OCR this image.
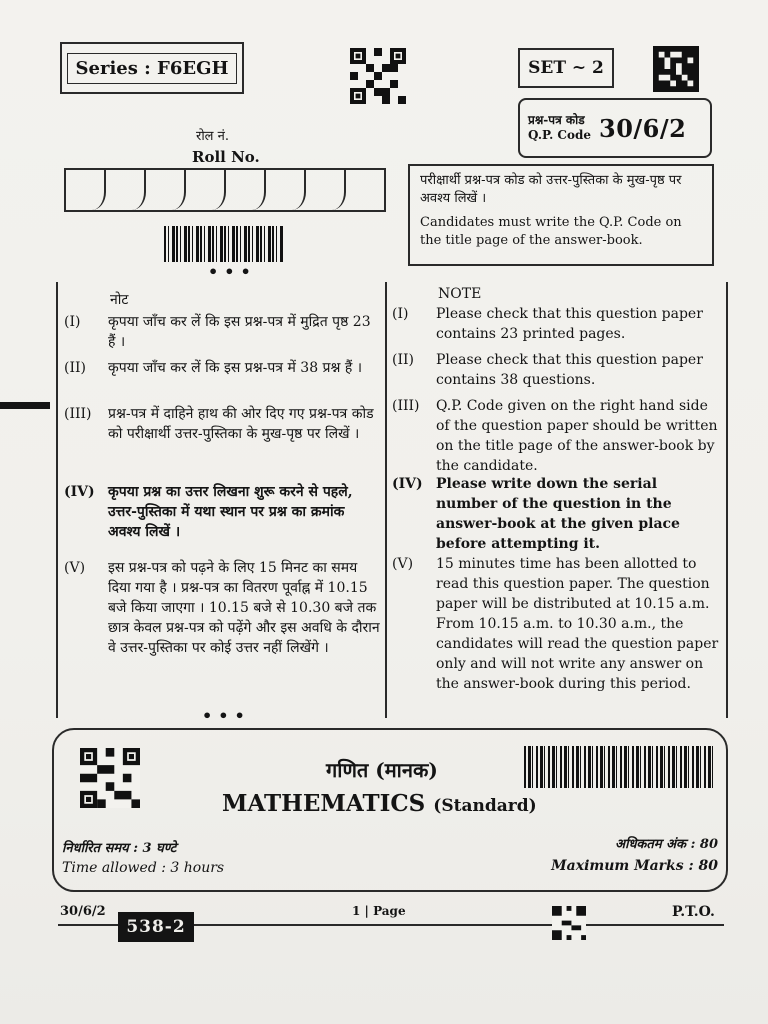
Series : F6EGH	SET ~ 2
प्रश्न-पत्र कोड
Q.P. Code 30/6/2
रोल नं.
Roll No.
•••
परीक्षार्थी प्रश्न-पत्र कोड को उत्तर-पुस्तिका के मुख-पृष्ठ पर अवश्य लिखें ।
Candidates must write the Q.P. Code on the title page of the answer-book.
नोट	NOTE
(I)	कृपया जाँच कर लें कि इस प्रश्न-पत्र में मुद्रित पृष्ठ 23 हैं ।
(II)	कृपया जाँच कर लें कि इस प्रश्न-पत्र में 38 प्रश्न हैं ।
(III)	प्रश्न-पत्र में दाहिने हाथ की ओर दिए गए प्रश्न-पत्र कोड को परीक्षार्थी उत्तर-पुस्तिका के मुख-पृष्ठ पर लिखें ।
(IV) कृपया प्रश्न का उत्तर लिखना शुरू करने से पहले, उत्तर-पुस्तिका में यथा स्थान पर प्रश्न का क्रमांक अवश्य लिखें ।
(V)	इस प्रश्न-पत्र को पढ़ने के लिए 15 मिनट का समय दिया गया है । प्रश्न-पत्र का वितरण पूर्वाह्न में 10.15 बजे किया जाएगा । 10.15 बजे से 10.30 बजे तक छात्र केवल प्रश्न-पत्र को पढ़ेंगे और इस अवधि के दौरान वे उत्तर-पुस्तिका पर कोई उत्तर नहीं लिखेंगे ।
(I)	Please check that this question paper contains 23 printed pages.
(II)	Please check that this question paper contains 38 questions.
(III)	Q.P. Code given on the right hand side of the question paper should be written on the title page of the answer-book by the candidate.
(IV) Please write down the serial number of the question in the answer-book at the given place before attempting it.
(V)	15 minutes time has been allotted to read this question paper. The question paper will be distributed at 10.15 a.m. From 10.15 a.m. to 10.30 a.m., the candidates will read the question paper only and will not write any answer on the answer-book during this period.
•••
गणित (मानक)
MATHEMATICS (Standard)
निर्धारित समय : 3 घण्टे
Time allowed : 3 hours
अधिकतम अंक : 80
Maximum Marks : 80
30/6/2
538-2
1 | Page	P.T.O.
